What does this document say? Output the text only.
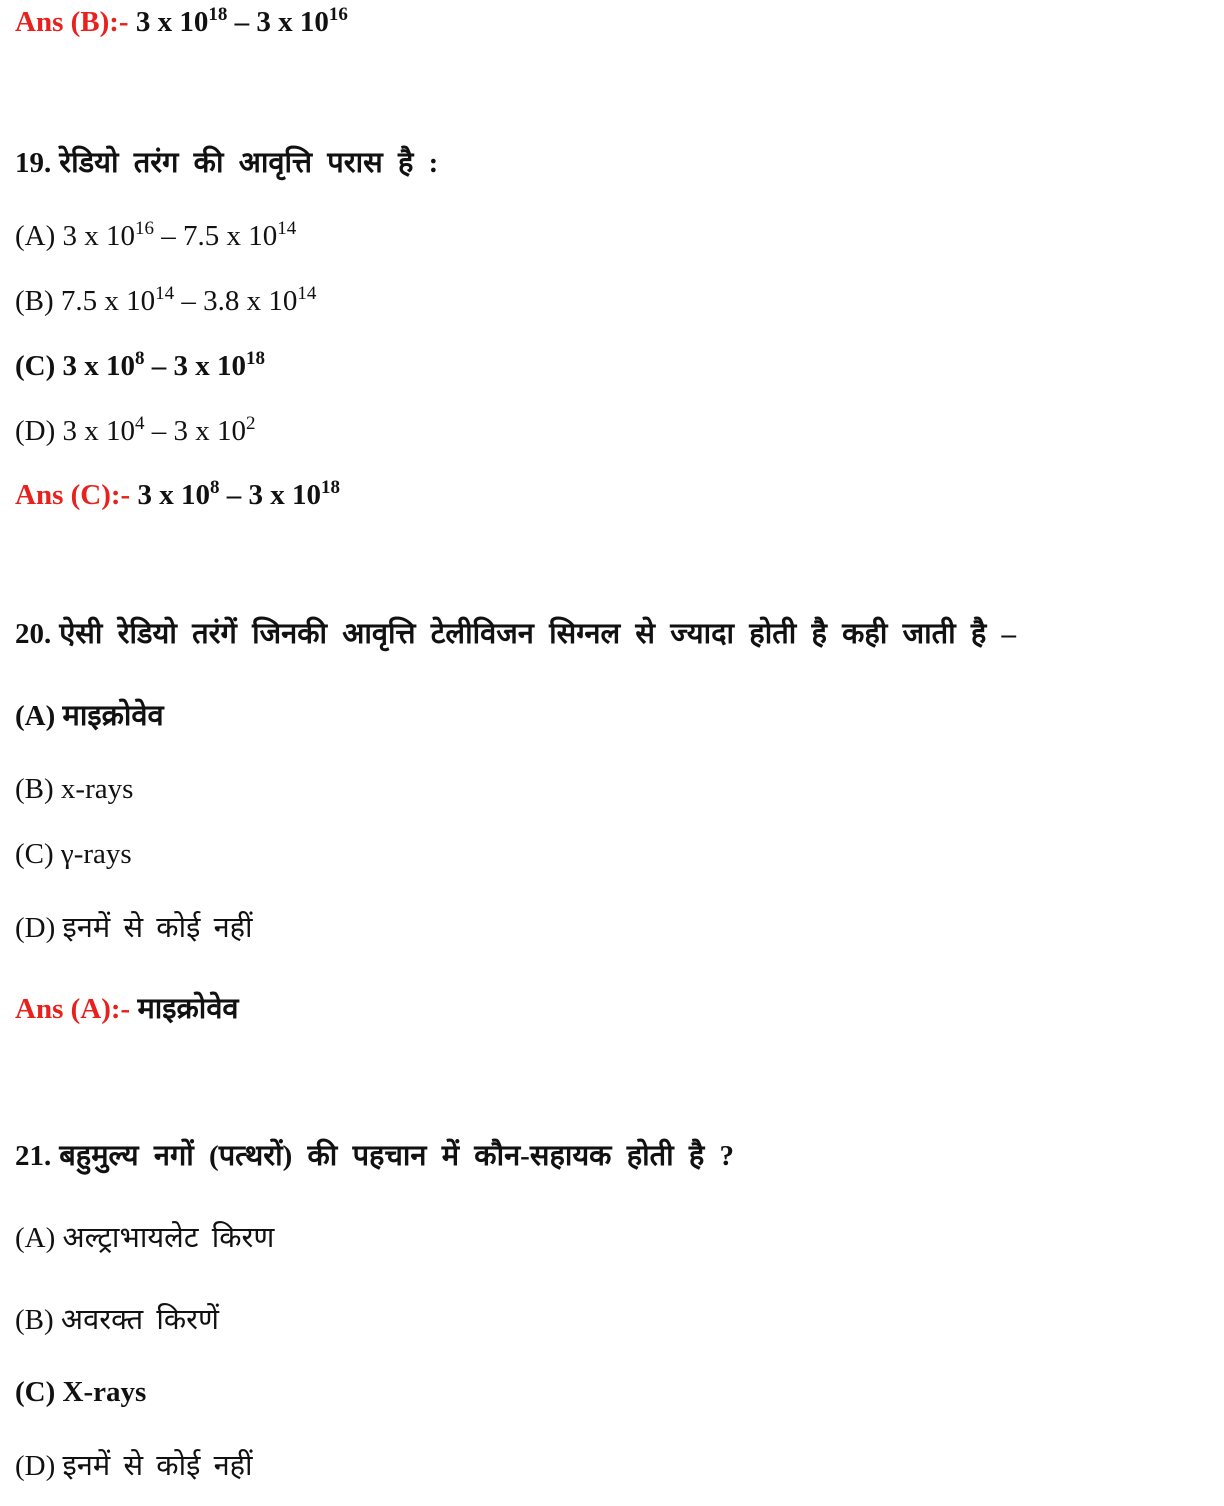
Ans (B):- 3 x $10^{18} - 3$ x $10^{16}$
19. रेडियो तरंग की आवृत्ति परास है :
(A) 3 x $10^{16} - 7.5$ x $10^{14}$
(B) 7.5 x $10^{14} - 3.8$ x $10^{14}$
(C) 3 x $10^8 - 3$ x $10^{18}$
(D) 3 x $10^4 - 3$ x $10^2$
Ans (C):- 3 x $10^8 - 3$ x $10^{18}$
20. ऐसी रेडियो तरंगें जिनकी आवृत्ति टेलीविजन सिग्नल से ज्यादा होती है कही जाती है –
(A) माइक्रोवेव
(B) x-rays
(C) γ-rays
(D) इनमें से कोई नहीं
Ans (A):- माइक्रोवेव
21. बहुमुल्य नगों (पत्थरों) की पहचान में कौन-सहायक होती है ?
(A) अल्ट्राभायलेट किरण
(B) अवरक्त किरणें
(C) X-rays
(D) इनमें से कोई नहीं
